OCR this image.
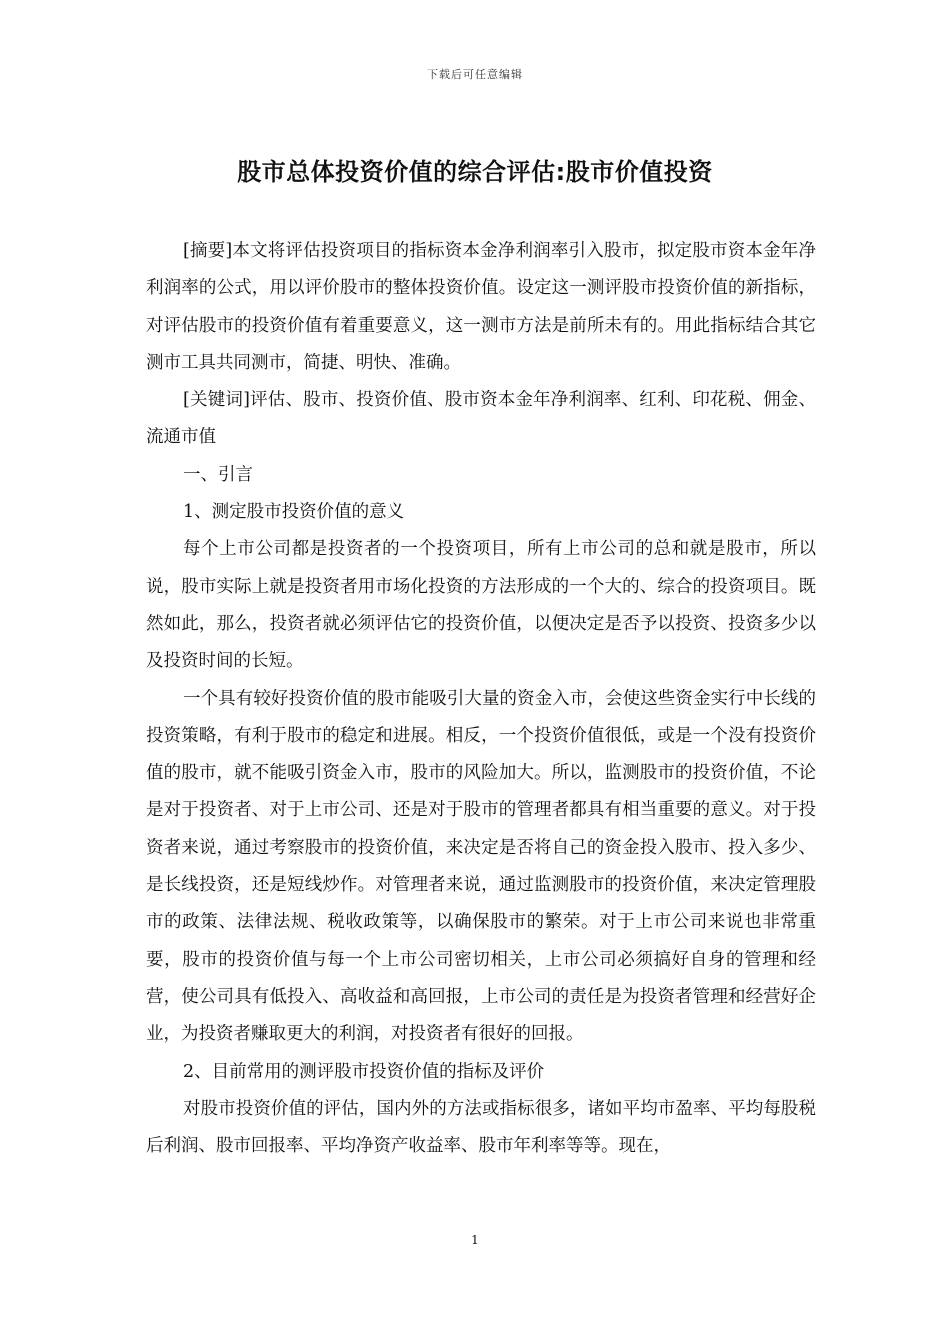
下载后可任意编辑
股市总体投资价值的综合评估:股市价值投资

[摘要]本文将评估投资项目的指标资本金净利润率引入股市，拟定股市资本金年净利润率的公式，用以评价股市的整体投资价值。设定这一测评股市投资价值的新指标，对评估股市的投资价值有着重要意义，这一测市方法是前所未有的。用此指标结合其它测市工具共同测市，简捷、明快、准确。

[关键词]评估、股市、投资价值、股市资本金年净利润率、红利、印花税、佣金、流通市值

一、引言

1、测定股市投资价值的意义

每个上市公司都是投资者的一个投资项目，所有上市公司的总和就是股市，所以说，股市实际上就是投资者用市场化投资的方法形成的一个大的、综合的投资项目。既然如此，那么，投资者就必须评估它的投资价值，以便决定是否予以投资、投资多少以及投资时间的长短。

一个具有较好投资价值的股市能吸引大量的资金入市，会使这些资金实行中长线的投资策略，有利于股市的稳定和进展。相反，一个投资价值很低，或是一个没有投资价值的股市，就不能吸引资金入市，股市的风险加大。所以，监测股市的投资价值，不论是对于投资者、对于上市公司、还是对于股市的管理者都具有相当重要的意义。对于投资者来说，通过考察股市的投资价值，来决定是否将自己的资金投入股市、投入多少、是长线投资，还是短线炒作。对管理者来说，通过监测股市的投资价值，来决定管理股市的政策、法律法规、税收政策等，以确保股市的繁荣。对于上市公司来说也非常重要，股市的投资价值与每一个上市公司密切相关，上市公司必须搞好自身的管理和经营，使公司具有低投入、高收益和高回报，上市公司的责任是为投资者管理和经营好企业，为投资者赚取更大的利润，对投资者有很好的回报。

2、目前常用的测评股市投资价值的指标及评价

对股市投资价值的评估，国内外的方法或指标很多，诸如平均市盈率、平均每股税后利润、股市回报率、平均净资产收益率、股市年利率等等。现在，

1
